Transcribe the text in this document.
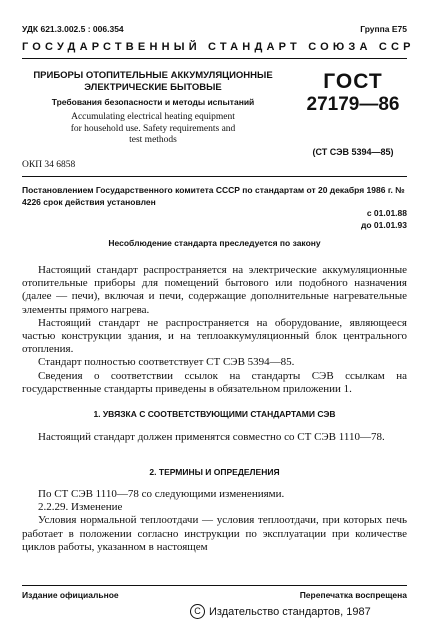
УДК 621.3.002.5 : 006.354	Группа Е75
ГОСУДАРСТВЕННЫЙ СТАНДАРТ СОЮЗА ССР
ПРИБОРЫ ОТОПИТЕЛЬНЫЕ АККУМУЛЯЦИОННЫЕ
ЭЛЕКТРИЧЕСКИЕ БЫТОВЫЕ
Требования безопасности и методы испытаний
Accumulating electrical heating equipment
for household use. Safety requirements and
test methods
ГОСТ
27179—86
(СТ СЭВ 5394—85)
ОКП 34 6858
Постановлением Государственного комитета СССР по стандартам от 20 декабря 1986 г. № 4226 срок действия установлен
с 01.01.88
до 01.01.93
Несоблюдение стандарта преследуется по закону

Настоящий стандарт распространяется на электрические аккумуляционные отопительные приборы для помещений бытового или подобного назначения (далее — печи), включая и печи, содержащие дополнительные нагревательные элементы прямого нагрева.

Настоящий стандарт не распространяется на оборудование, являющееся частью конструкции здания, и на теплоаккумуляционный блок центрального отопления.

Стандарт полностью соответствует СТ СЭВ 5394—85.

Сведения о соответствии ссылок на стандарты СЭВ ссылкам на государственные стандарты приведены в обязательном приложении 1.

1. УВЯЗКА С СООТВЕТСТВУЮЩИМИ СТАНДАРТАМИ СЭВ

Настоящий стандарт должен применятся совместно со СТ СЭВ 1110—78.

2. ТЕРМИНЫ И ОПРЕДЕЛЕНИЯ

По СТ СЭВ 1110—78 со следующими изменениями.

2.2.29. Изменение

Условия нормальной теплоотдачи — условия теплоотдачи, при которых печь работает в положении согласно инструкции по эксплуатации при количестве циклов работы, указанном в настоящем

Издание официальное	Перепечатка воспрещена
C Издательство стандартов, 1987
